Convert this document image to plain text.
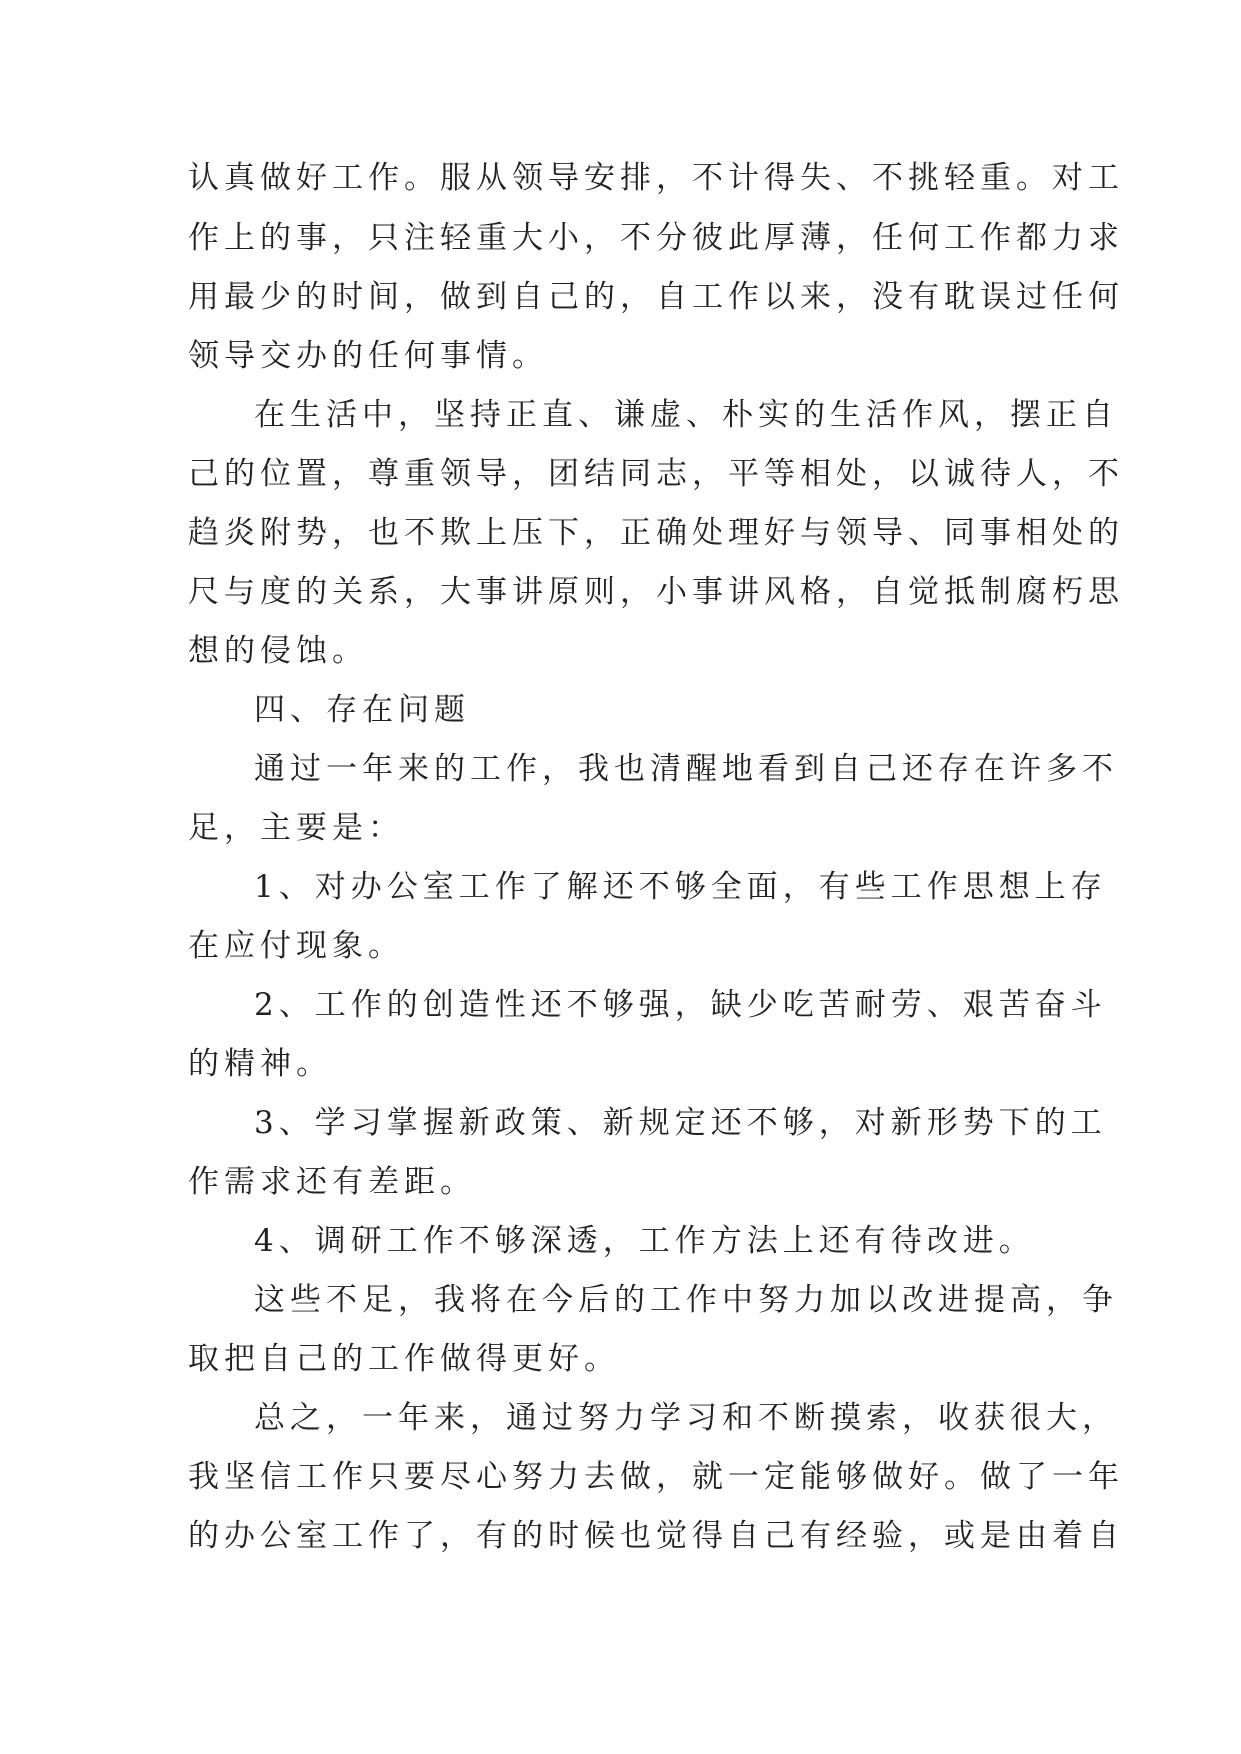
认真做好工作。服从领导安排，不计得失、不挑轻重。对工
作上的事，只注轻重大小，不分彼此厚薄，任何工作都力求
用最少的时间，做到自己的，自工作以来，没有耽误过任何
领导交办的任何事情。
在生活中，坚持正直、谦虚、朴实的生活作风，摆正自
己的位置，尊重领导，团结同志，平等相处，以诚待人，不
趋炎附势，也不欺上压下，正确处理好与领导、同事相处的
尺与度的关系，大事讲原则，小事讲风格，自觉抵制腐朽思
想的侵蚀。
四、存在问题
通过一年来的工作，我也清醒地看到自己还存在许多不
足，主要是：
1、对办公室工作了解还不够全面，有些工作思想上存
在应付现象。
2、工作的创造性还不够强，缺少吃苦耐劳、艰苦奋斗
的精神。
3、学习掌握新政策、新规定还不够，对新形势下的工
作需求还有差距。
4、调研工作不够深透，工作方法上还有待改进。
这些不足，我将在今后的工作中努力加以改进提高，争
取把自己的工作做得更好。
总之，一年来，通过努力学习和不断摸索，收获很大，
我坚信工作只要尽心努力去做，就一定能够做好。做了一年
的办公室工作了，有的时候也觉得自己有经验，或是由着自
